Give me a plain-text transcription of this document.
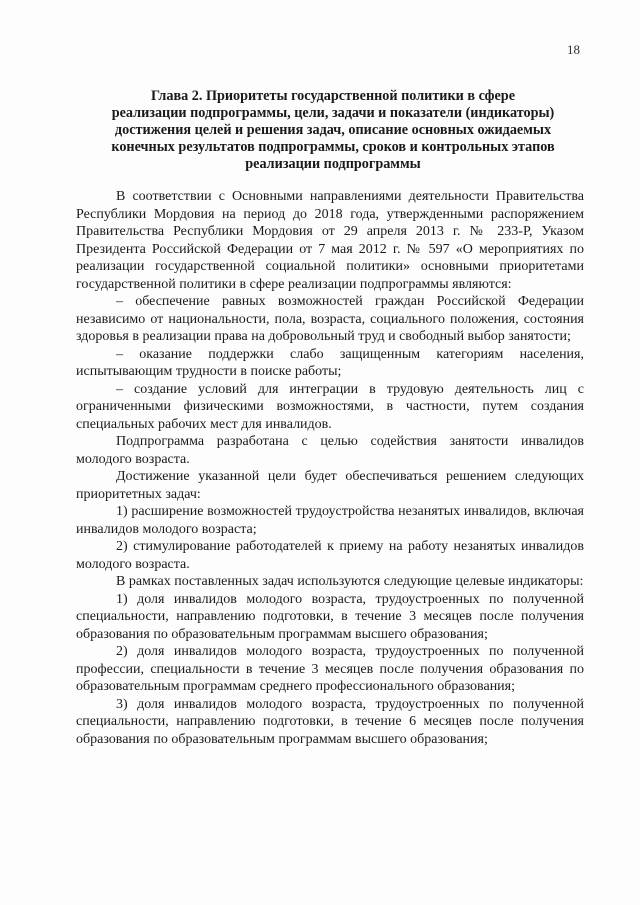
18
Глава 2. Приоритеты государственной политики в сфере
реализации подпрограммы, цели, задачи и показатели (индикаторы)
достижения целей и решения задач, описание основных ожидаемых
конечных результатов подпрограммы, сроков и контрольных этапов
реализации подпрограммы

В соответствии с Основными направлениями деятельности Правительства Республики Мордовия на период до 2018 года, утвержденными распоряжением Правительства Республики Мордовия от 29 апреля 2013 г. № 233-Р, Указом Президента Российской Федерации от 7 мая 2012 г. № 597 «О мероприятиях по реализации государственной социальной политики» основными приоритетами государственной политики в сфере реализации подпрограммы являются:

– обеспечение равных возможностей граждан Российской Федерации независимо от национальности, пола, возраста, социального положения, состояния здоровья в реализации права на добровольный труд и свободный выбор занятости;

– оказание поддержки слабо защищенным категориям населения, испытывающим трудности в поиске работы;

– создание условий для интеграции в трудовую деятельность лиц с ограниченными физическими возможностями, в частности, путем создания специальных рабочих мест для инвалидов.

Подпрограмма разработана с целью содействия занятости инвалидов молодого возраста.

Достижение указанной цели будет обеспечиваться решением следующих приоритетных задач:

1) расширение возможностей трудоустройства незанятых инвалидов, включая инвалидов молодого возраста;

2) стимулирование работодателей к приему на работу незанятых инвалидов молодого возраста.

В рамках поставленных задач используются следующие целевые индикаторы:

1) доля инвалидов молодого возраста, трудоустроенных по полученной специальности, направлению подготовки, в течение 3 месяцев после получения образования по образовательным программам высшего образования;

2) доля инвалидов молодого возраста, трудоустроенных по полученной профессии, специальности в течение 3 месяцев после получения образования по образовательным программам среднего профессионального образования;

3) доля инвалидов молодого возраста, трудоустроенных по полученной специальности, направлению подготовки, в течение 6 месяцев после получения образования по образовательным программам высшего образования;
